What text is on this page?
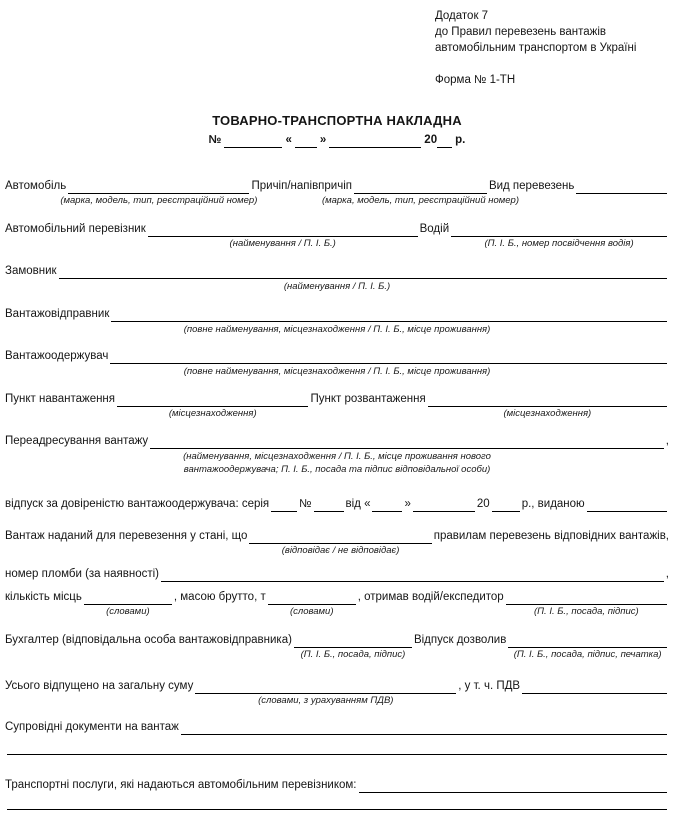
Додаток 7
до Правил перевезень вантажів
автомобільним транспортом в Україні
Форма № 1-ТН
ТОВАРНО-ТРАНСПОРТНА НАКЛАДНА
№	« »	20 р.
Автомобіль
(марка, модель, тип, реєстраційний номер)
Причіп/напівпричіп
(марка, модель, тип, реєстраційний номер)
Вид перевезень
Автомобільний перевізник
(найменування / П. І. Б.)
Водій
(П. І. Б., номер посвідчення водія)
Замовник
(найменування / П. І. Б.)
Вантажовідправник
(повне найменування, місцезнаходження / П. І. Б., місце проживання)
Вантажоодержувач
(повне найменування, місцезнаходження / П. І. Б., місце проживання)
Пункт навантаження
(місцезнаходження)
Пункт розвантаження
(місцезнаходження)
Переадресування вантажу	,
(найменування, місцезнаходження / П. І. Б., місце проживання нового
вантажоодержувача; П. І. Б., посада та підпис відповідальної особи)
відпуск за довіреністю вантажоодержувача: серія	№	від «	»	20	р., виданою
Вантаж наданий для перевезення у стані, що
(відповідає / не відповідає)
правилам перевезень відповідних вантажів,
номер пломби (за наявності)	,
кількість місць
(словами)
, масою брутто, т
(словами)
, отримав водій/експедитор
(П. І. Б., посада, підпис)
Бухгалтер (відповідальна особа вантажовідправника)
(П. І. Б., посада, підпис)
Відпуск дозволив
(П. І. Б., посада, підпис, печатка)
Усього відпущено на загальну суму
(словами, з урахуванням ПДВ)
, у т. ч. ПДВ
Супровідні документи на вантаж
Транспортні послуги, які надаються автомобільним перевізником:
